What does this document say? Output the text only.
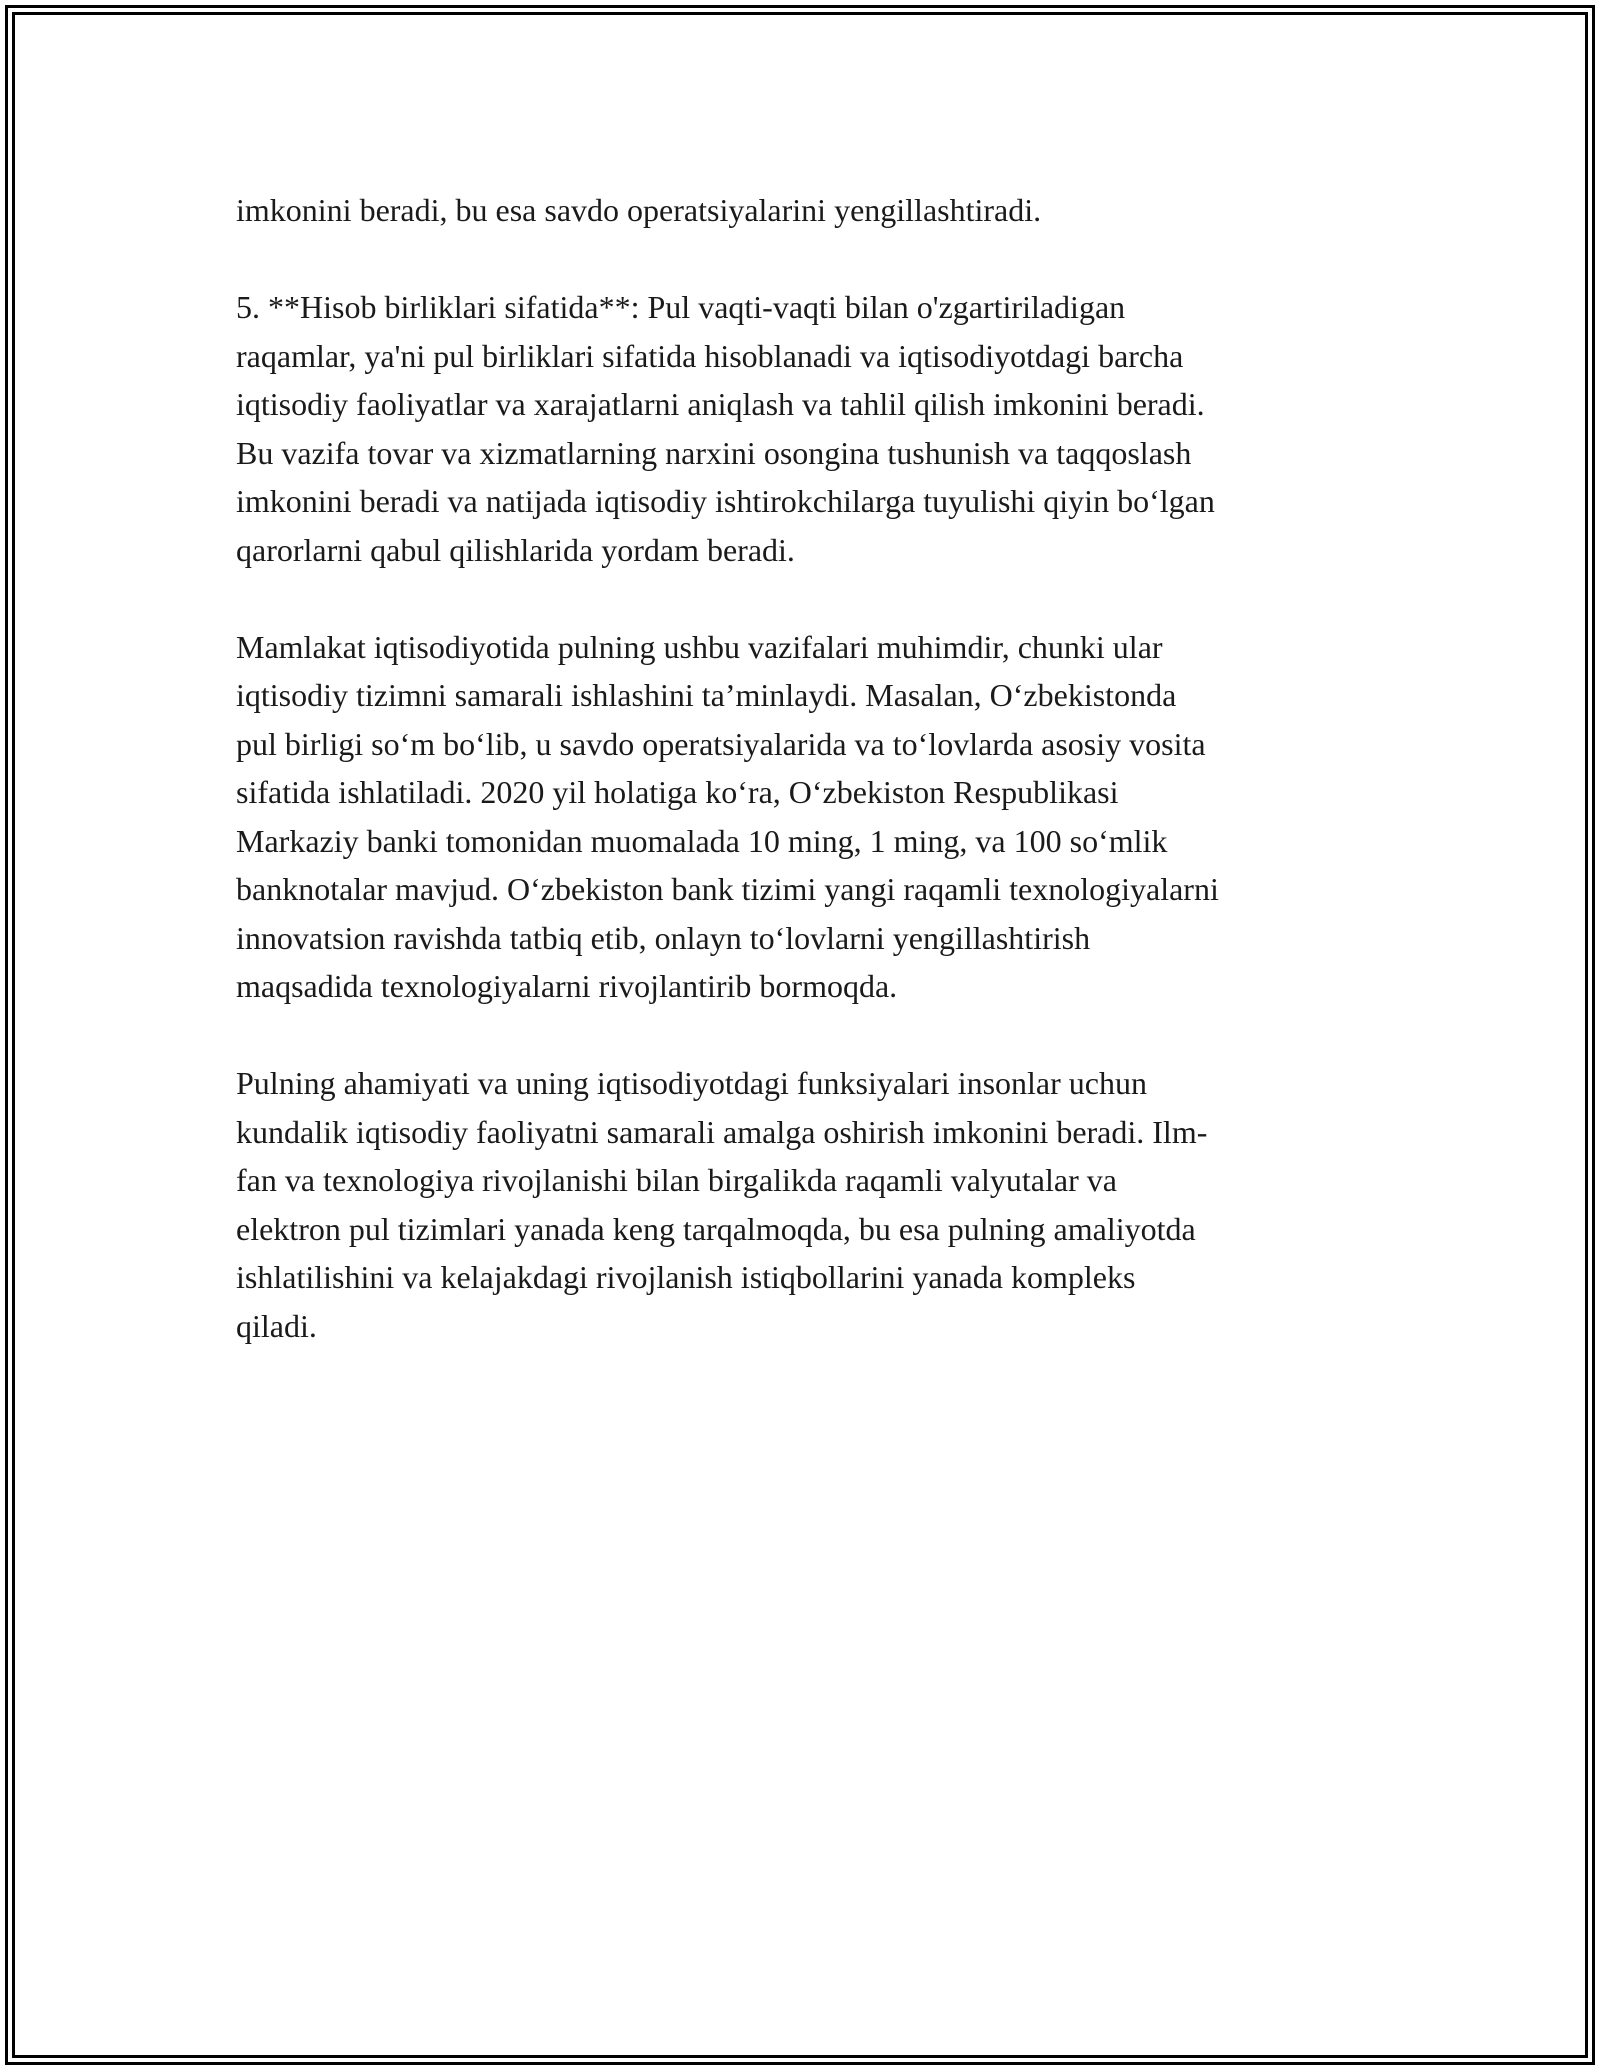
imkonini beradi, bu esa savdo operatsiyalarini yengillashtiradi.

5. **Hisob birliklari sifatida**: Pul vaqti-vaqti bilan o'zgartiriladigan
raqamlar, ya'ni pul birliklari sifatida hisoblanadi va iqtisodiyotdagi barcha
iqtisodiy faoliyatlar va xarajatlarni aniqlash va tahlil qilish imkonini beradi.
Bu vazifa tovar va xizmatlarning narxini osongina tushunish va taqqoslash
imkonini beradi va natijada iqtisodiy ishtirokchilarga tuyulishi qiyin bo‘lgan
qarorlarni qabul qilishlarida yordam beradi.

Mamlakat iqtisodiyotida pulning ushbu vazifalari muhimdir, chunki ular
iqtisodiy tizimni samarali ishlashini ta’minlaydi. Masalan, O‘zbekistonda
pul birligi so‘m bo‘lib, u savdo operatsiyalarida va to‘lovlarda asosiy vosita
sifatida ishlatiladi. 2020 yil holatiga ko‘ra, O‘zbekiston Respublikasi
Markaziy banki tomonidan muomalada 10 ming, 1 ming, va 100 so‘mlik
banknotalar mavjud. O‘zbekiston bank tizimi yangi raqamli texnologiyalarni
innovatsion ravishda tatbiq etib, onlayn to‘lovlarni yengillashtirish
maqsadida texnologiyalarni rivojlantirib bormoqda.

Pulning ahamiyati va uning iqtisodiyotdagi funksiyalari insonlar uchun
kundalik iqtisodiy faoliyatni samarali amalga oshirish imkonini beradi. Ilm-
fan va texnologiya rivojlanishi bilan birgalikda raqamli valyutalar va
elektron pul tizimlari yanada keng tarqalmoqda, bu esa pulning amaliyotda
ishlatilishini va kelajakdagi rivojlanish istiqbollarini yanada kompleks
qiladi.
